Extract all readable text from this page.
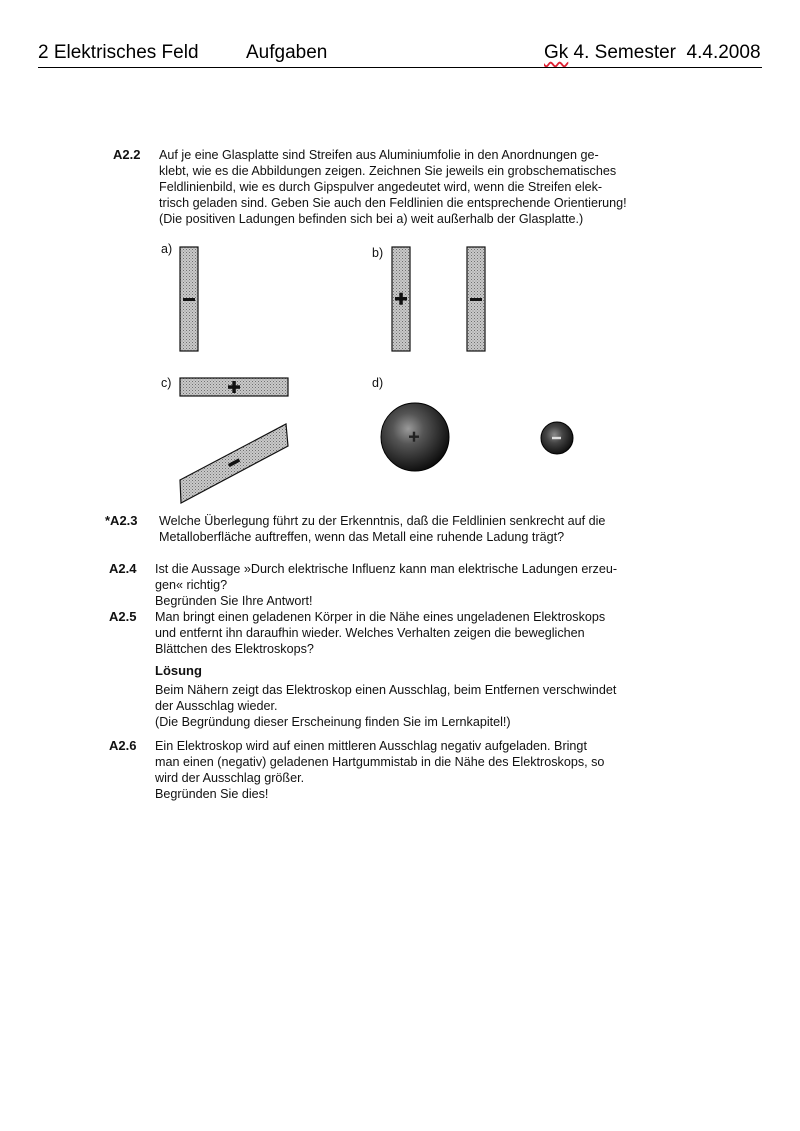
2 Elektrisches Feld Aufgaben	Gk 4. Semester  4.4.2008
A2.2 Auf je eine Glasplatte sind Streifen aus Aluminiumfolie in den Anordnungen ge-
klebt, wie es die Abbildungen zeigen. Zeichnen Sie jeweils ein grobschematisches
Feldlinienbild, wie es durch Gipspulver angedeutet wird, wenn die Streifen elek-
trisch geladen sind. Geben Sie auch den Feldlinien die entsprechende Orientierung!
(Die positiven Ladungen befinden sich bei a) weit außerhalb der Glasplatte.)
a)	b)
c)	d)
*A2.3 Welche Überlegung führt zu der Erkenntnis, daß die Feldlinien senkrecht auf die
Metalloberfläche auftreffen, wenn das Metall eine ruhende Ladung trägt?
A2.4 Ist die Aussage »Durch elektrische Influenz kann man elektrische Ladungen erzeu-
gen« richtig?
Begründen Sie Ihre Antwort!
A2.5 Man bringt einen geladenen Körper in die Nähe eines ungeladenen Elektroskops
und entfernt ihn daraufhin wieder. Welches Verhalten zeigen die beweglichen
Blättchen des Elektroskops?
Lösung
Beim Nähern zeigt das Elektroskop einen Ausschlag, beim Entfernen verschwindet
der Ausschlag wieder.
(Die Begründung dieser Erscheinung finden Sie im Lernkapitel!)
A2.6 Ein Elektroskop wird auf einen mittleren Ausschlag negativ aufgeladen. Bringt
man einen (negativ) geladenen Hartgummistab in die Nähe des Elektroskops, so
wird der Ausschlag größer.
Begründen Sie dies!
